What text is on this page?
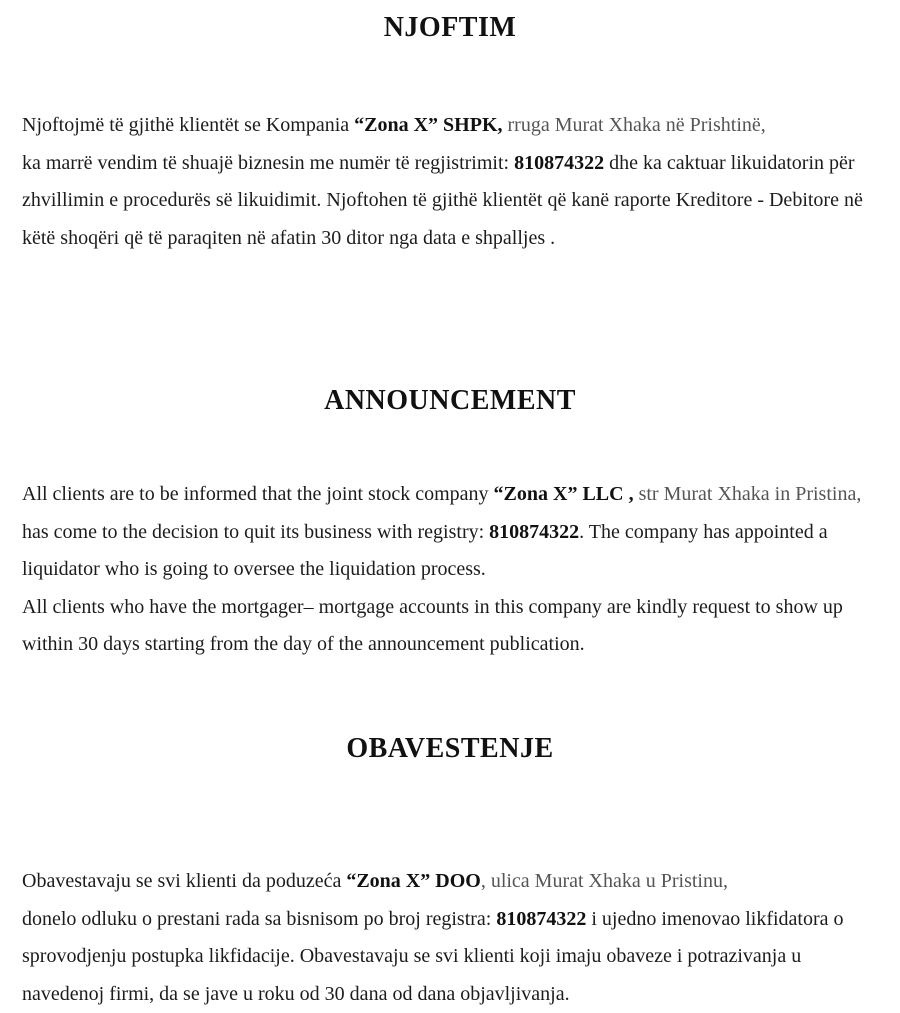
NJOFTIM

Njoftojmë të gjithë klientët se Kompania “Zona X” SHPK, rruga Murat Xhaka në Prishtinë,
ka marrë vendim të shuajë biznesin me numër të regjistrimit: 810874322 dhe ka caktuar likuidatorin për zhvillimin e procedurës së likuidimit. Njoftohen të gjithë klientët që kanë raporte Kreditore - Debitore në këtë shoqëri që të paraqiten në afatin 30 ditor nga data e shpalljes .

ANNOUNCEMENT

All clients are to be informed that the joint stock company “Zona X” LLC , str Murat Xhaka in Pristina, has come to the decision to quit its business with registry: 810874322. The company has appointed a liquidator who is going to oversee the liquidation process.
All clients who have the mortgager– mortgage accounts in this company are kindly request to show up within 30 days starting from the day of the announcement publication.

OBAVESTENJE

Obavestavaju se svi klienti da poduzeća “Zona X” DOO, ulica Murat Xhaka u Pristinu,
donelo odluku o prestani rada sa bisnisom po broj registra: 810874322 i ujedno imenovao likfidatora o sprovodjenju postupka likfidacije. Obavestavaju se svi klienti koji imaju obaveze i potrazivanja u navedenoj firmi, da se jave u roku od 30 dana od dana objavljivanja.
